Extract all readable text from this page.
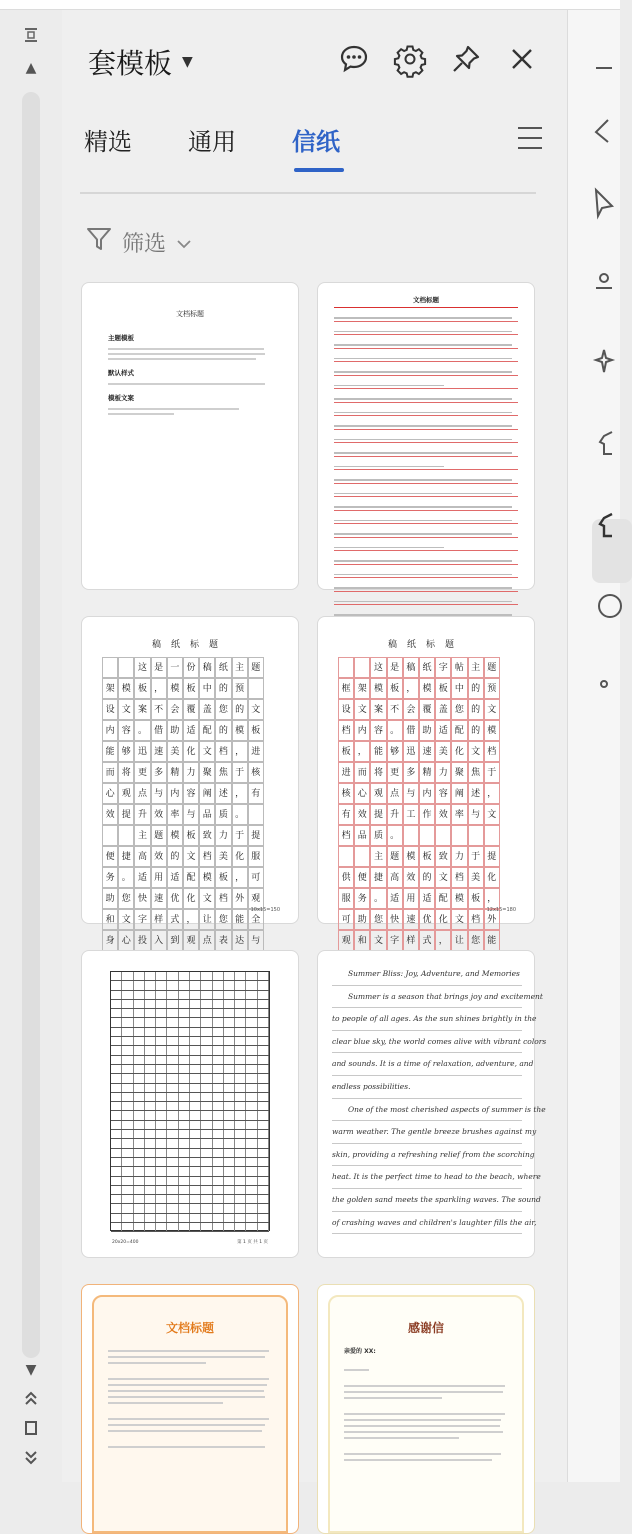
▲
▼
套模板 ▼
精选 通用 信纸
筛选
文档标题
主题模板
默认样式
模板文案
文档标题
稿纸标题
这 是 一 份 稿 纸 主 题
架 模 板 ， 模 板 中 的 预
设 文 案 不 会 覆 盖 您 的 文
内 容 。 借 助 适 配 的 模 板
能 够 迅 速 美 化 文 档 ， 进
而 将 更 多 精 力 聚 焦 于 核
心 观 点 与 内 容 阐 述 ， 有
效 提 升 效 率 与 品 质 。
主 题 模 板 致 力 于 提
便 捷 高 效 的 文 档 美 化 服
务 。 适 用 适 配 模 板 ， 可
助 您 快 速 优 化 文 档 外 观
和 文 字 样 式 ， 让 您 能 全
身 心 投 入 到 观 点 表 达 与
10x15=150
稿纸标题
这 是 稿 纸 字 帖 主 题
框 架 模 板 ， 模 板 中 的 预
设 文 案 不 会 覆 盖 您 的 文
档 内 容 。 借 助 适 配 的 模
板 ， 能 够 迅 速 美 化 文 档
进 而 将 更 多 精 力 聚 焦 于
核 心 观 点 与 内 容 阐 述 ，
有 效 提 升 工 作 效 率 与 文
档 品 质 。
主 题 模 板 致 力 于 提
供 便 捷 高 效 的 文 档 美 化
服 务 。 适 用 适 配 模 板 ，
可 助 您 快 速 优 化 文 档 外
观 和 文 字 样 式 ， 让 您 能
12x15=180
20x20=400	第 1 页 共 1 页
Summer Bliss: Joy, Adventure, and Memories
Summer is a season that brings joy and excitement
to people of all ages. As the sun shines brightly in the
clear blue sky, the world comes alive with vibrant colors
and sounds. It is a time of relaxation, adventure, and
endless possibilities.
One of the most cherished aspects of summer is the
warm weather. The gentle breeze brushes against my
skin, providing a refreshing relief from the scorching
heat. It is the perfect time to head to the beach, where
the golden sand meets the sparkling waves. The sound
of crashing waves and children's laughter fills the air,
文档标题	感谢信
亲爱的 XX:
